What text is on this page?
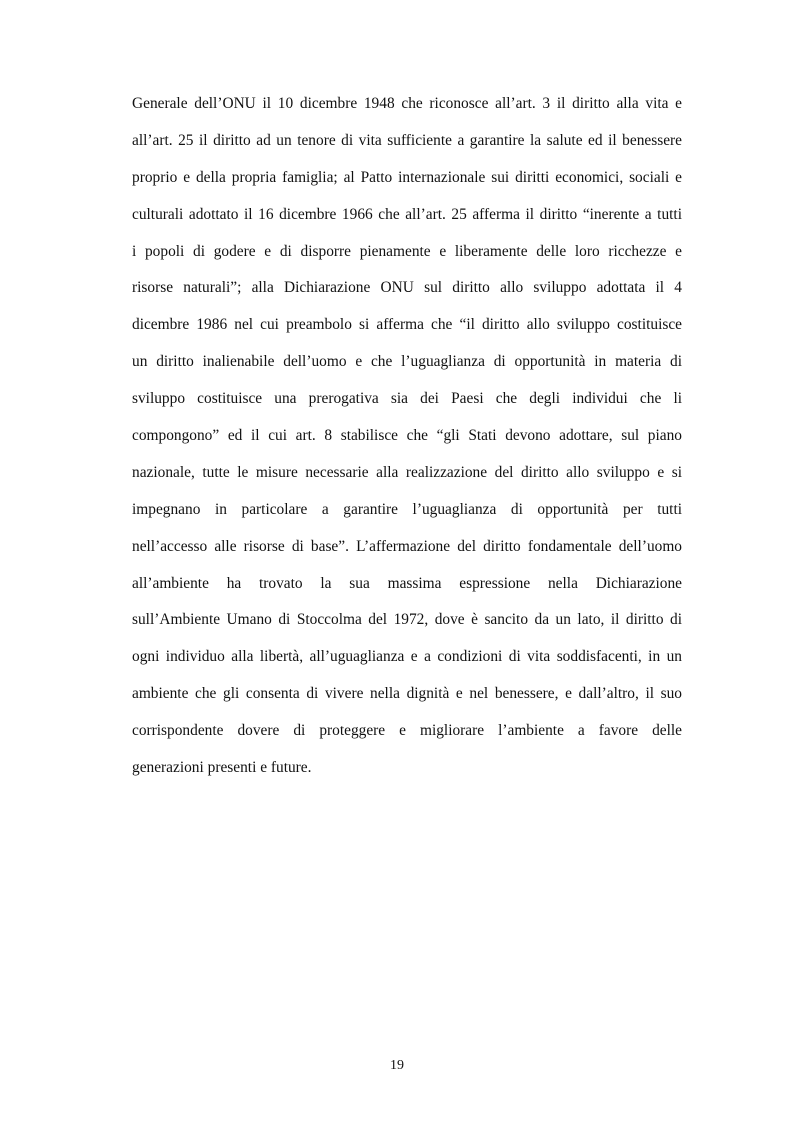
Generale dell’ONU il 10 dicembre 1948 che riconosce all’art. 3 il diritto alla vita e
all’art. 25 il diritto ad un tenore di vita sufficiente a garantire la salute ed il benessere
proprio e della propria famiglia; al Patto internazionale sui diritti economici, sociali e
culturali adottato il 16 dicembre 1966 che all’art. 25 afferma il diritto “inerente a tutti
i popoli di godere e di disporre pienamente e liberamente delle loro ricchezze e
risorse naturali”; alla Dichiarazione ONU sul diritto allo sviluppo adottata il 4
dicembre 1986 nel cui preambolo si afferma che “il diritto allo sviluppo costituisce
un diritto inalienabile dell’uomo e che l’uguaglianza di opportunità in materia di
sviluppo costituisce una prerogativa sia dei Paesi che degli individui che li
compongono” ed il cui art. 8 stabilisce che “gli Stati devono adottare, sul piano
nazionale, tutte le misure necessarie alla realizzazione del diritto allo sviluppo e si
impegnano in particolare a garantire l’uguaglianza di opportunità per tutti
nell’accesso alle risorse di base”. L’affermazione del diritto fondamentale dell’uomo
all’ambiente ha trovato la sua massima espressione nella Dichiarazione
sull’Ambiente Umano di Stoccolma del 1972, dove è sancito da un lato, il diritto di
ogni individuo alla libertà, all’uguaglianza e a condizioni di vita soddisfacenti, in un
ambiente che gli consenta di vivere nella dignità e nel benessere, e dall’altro, il suo
corrispondente dovere di proteggere e migliorare l’ambiente a favore delle
generazioni presenti e future.
19
